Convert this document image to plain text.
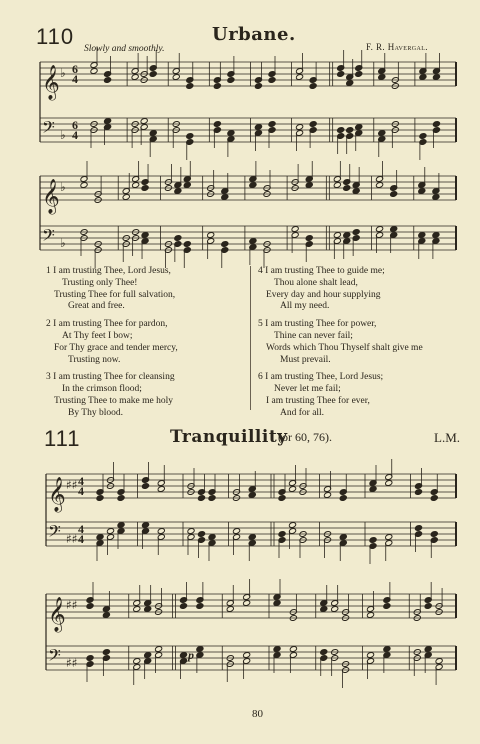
110	Urbane.
Slowly and smoothly.	F. R. Havergal.
𝄞
𝄢
♭
♭
6
4
6
4
𝄞
𝄢
♭
♭
𝄞
𝄢
♯♯
♯♯
4
4
4
4
𝄞
𝄢
♯♯
♯♯
1 I am trusting Thee, Lord Jesus,
Trusting only Thee!
Trusting Thee for full salvation,
Great and free.
2 I am trusting Thee for pardon,
At Thy feet I bow;
For Thy grace and tender mercy,
Trusting now.
3 I am trusting Thee for cleansing
In the crimson flood;
Trusting Thee to make me holy
By Thy blood.
4 I am trusting Thee to guide me;
Thou alone shalt lead,
Every day and hour supplying
All my need.
5 I am trusting Thee for power,
Thine can never fail;
Words which Thou Thyself shalt give me
Must prevail.
6 I am trusting Thee, Lord Jesus;
Never let me fail;
I am trusting Thee for ever,
And for all.
111	Tranquillity
(or 60, 76).	L.M.
p
80
